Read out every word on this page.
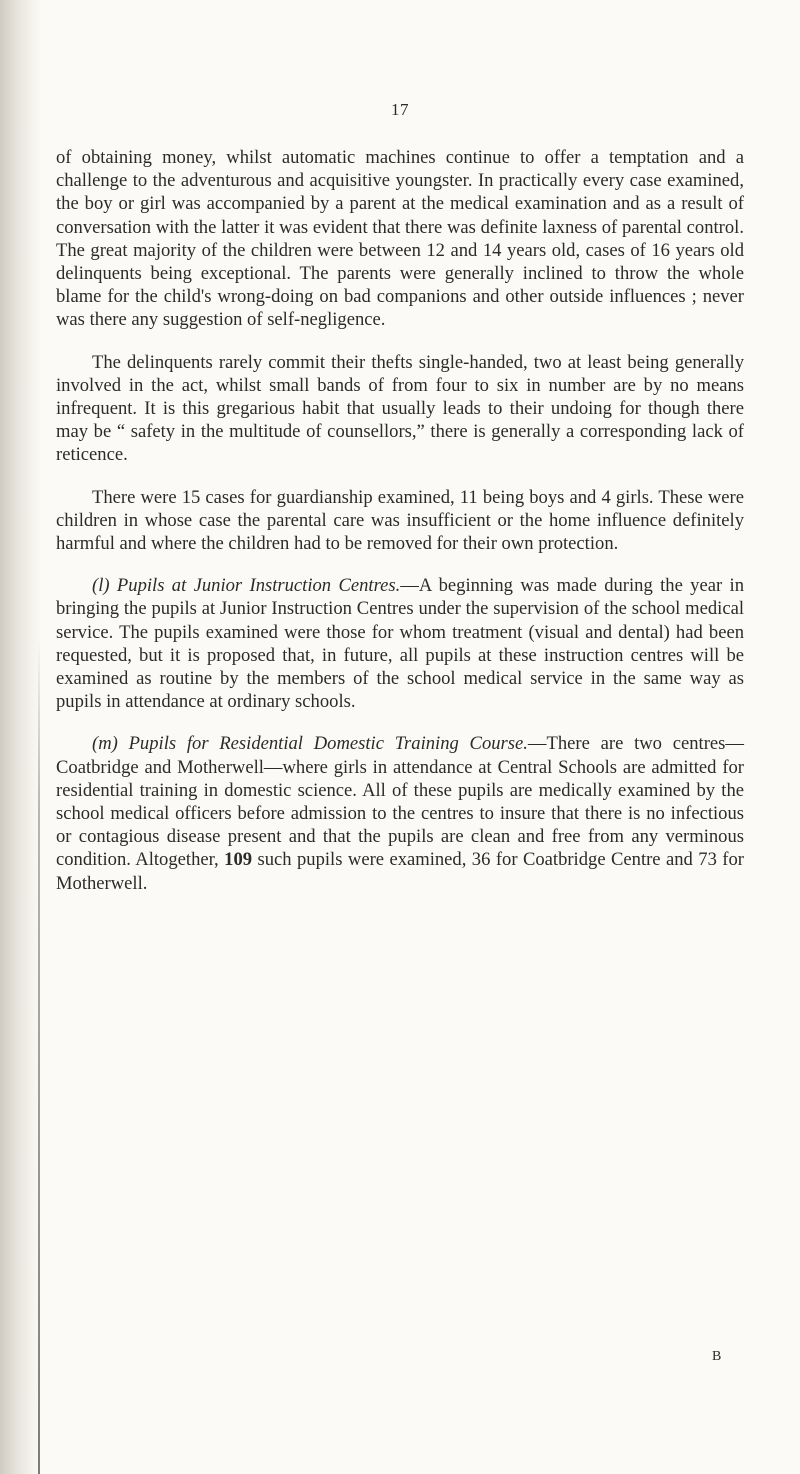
17

of obtaining money, whilst automatic machines continue to offer a temptation and a challenge to the adventurous and acquisitive youngster. In practically every case examined, the boy or girl was accompanied by a parent at the medical examination and as a result of conversation with the latter it was evident that there was definite laxness of parental control. The great majority of the children were between 12 and 14 years old, cases of 16 years old delinquents being exceptional. The parents were generally inclined to throw the whole blame for the child's wrong-doing on bad companions and other outside influences ; never was there any suggestion of self-negligence.

The delinquents rarely commit their thefts single-handed, two at least being generally involved in the act, whilst small bands of from four to six in number are by no means infrequent. It is this gregarious habit that usually leads to their undoing for though there may be “ safety in the multitude of counsellors,” there is generally a corresponding lack of reticence.

There were 15 cases for guardianship examined, 11 being boys and 4 girls. These were children in whose case the parental care was insufficient or the home influence definitely harmful and where the children had to be removed for their own protection.

(l) Pupils at Junior Instruction Centres.—A beginning was made during the year in bringing the pupils at Junior Instruction Centres under the supervision of the school medical service. The pupils examined were those for whom treatment (visual and dental) had been requested, but it is proposed that, in future, all pupils at these instruction centres will be examined as routine by the members of the school medical service in the same way as pupils in attendance at ordinary schools.

(m) Pupils for Residential Domestic Training Course.—There are two centres—Coatbridge and Motherwell—where girls in attendance at Central Schools are admitted for residential training in domestic science. All of these pupils are medically examined by the school medical officers before admission to the centres to insure that there is no infectious or contagious disease present and that the pupils are clean and free from any verminous condition. Altogether, 109 such pupils were examined, 36 for Coatbridge Centre and 73 for Motherwell.

B
